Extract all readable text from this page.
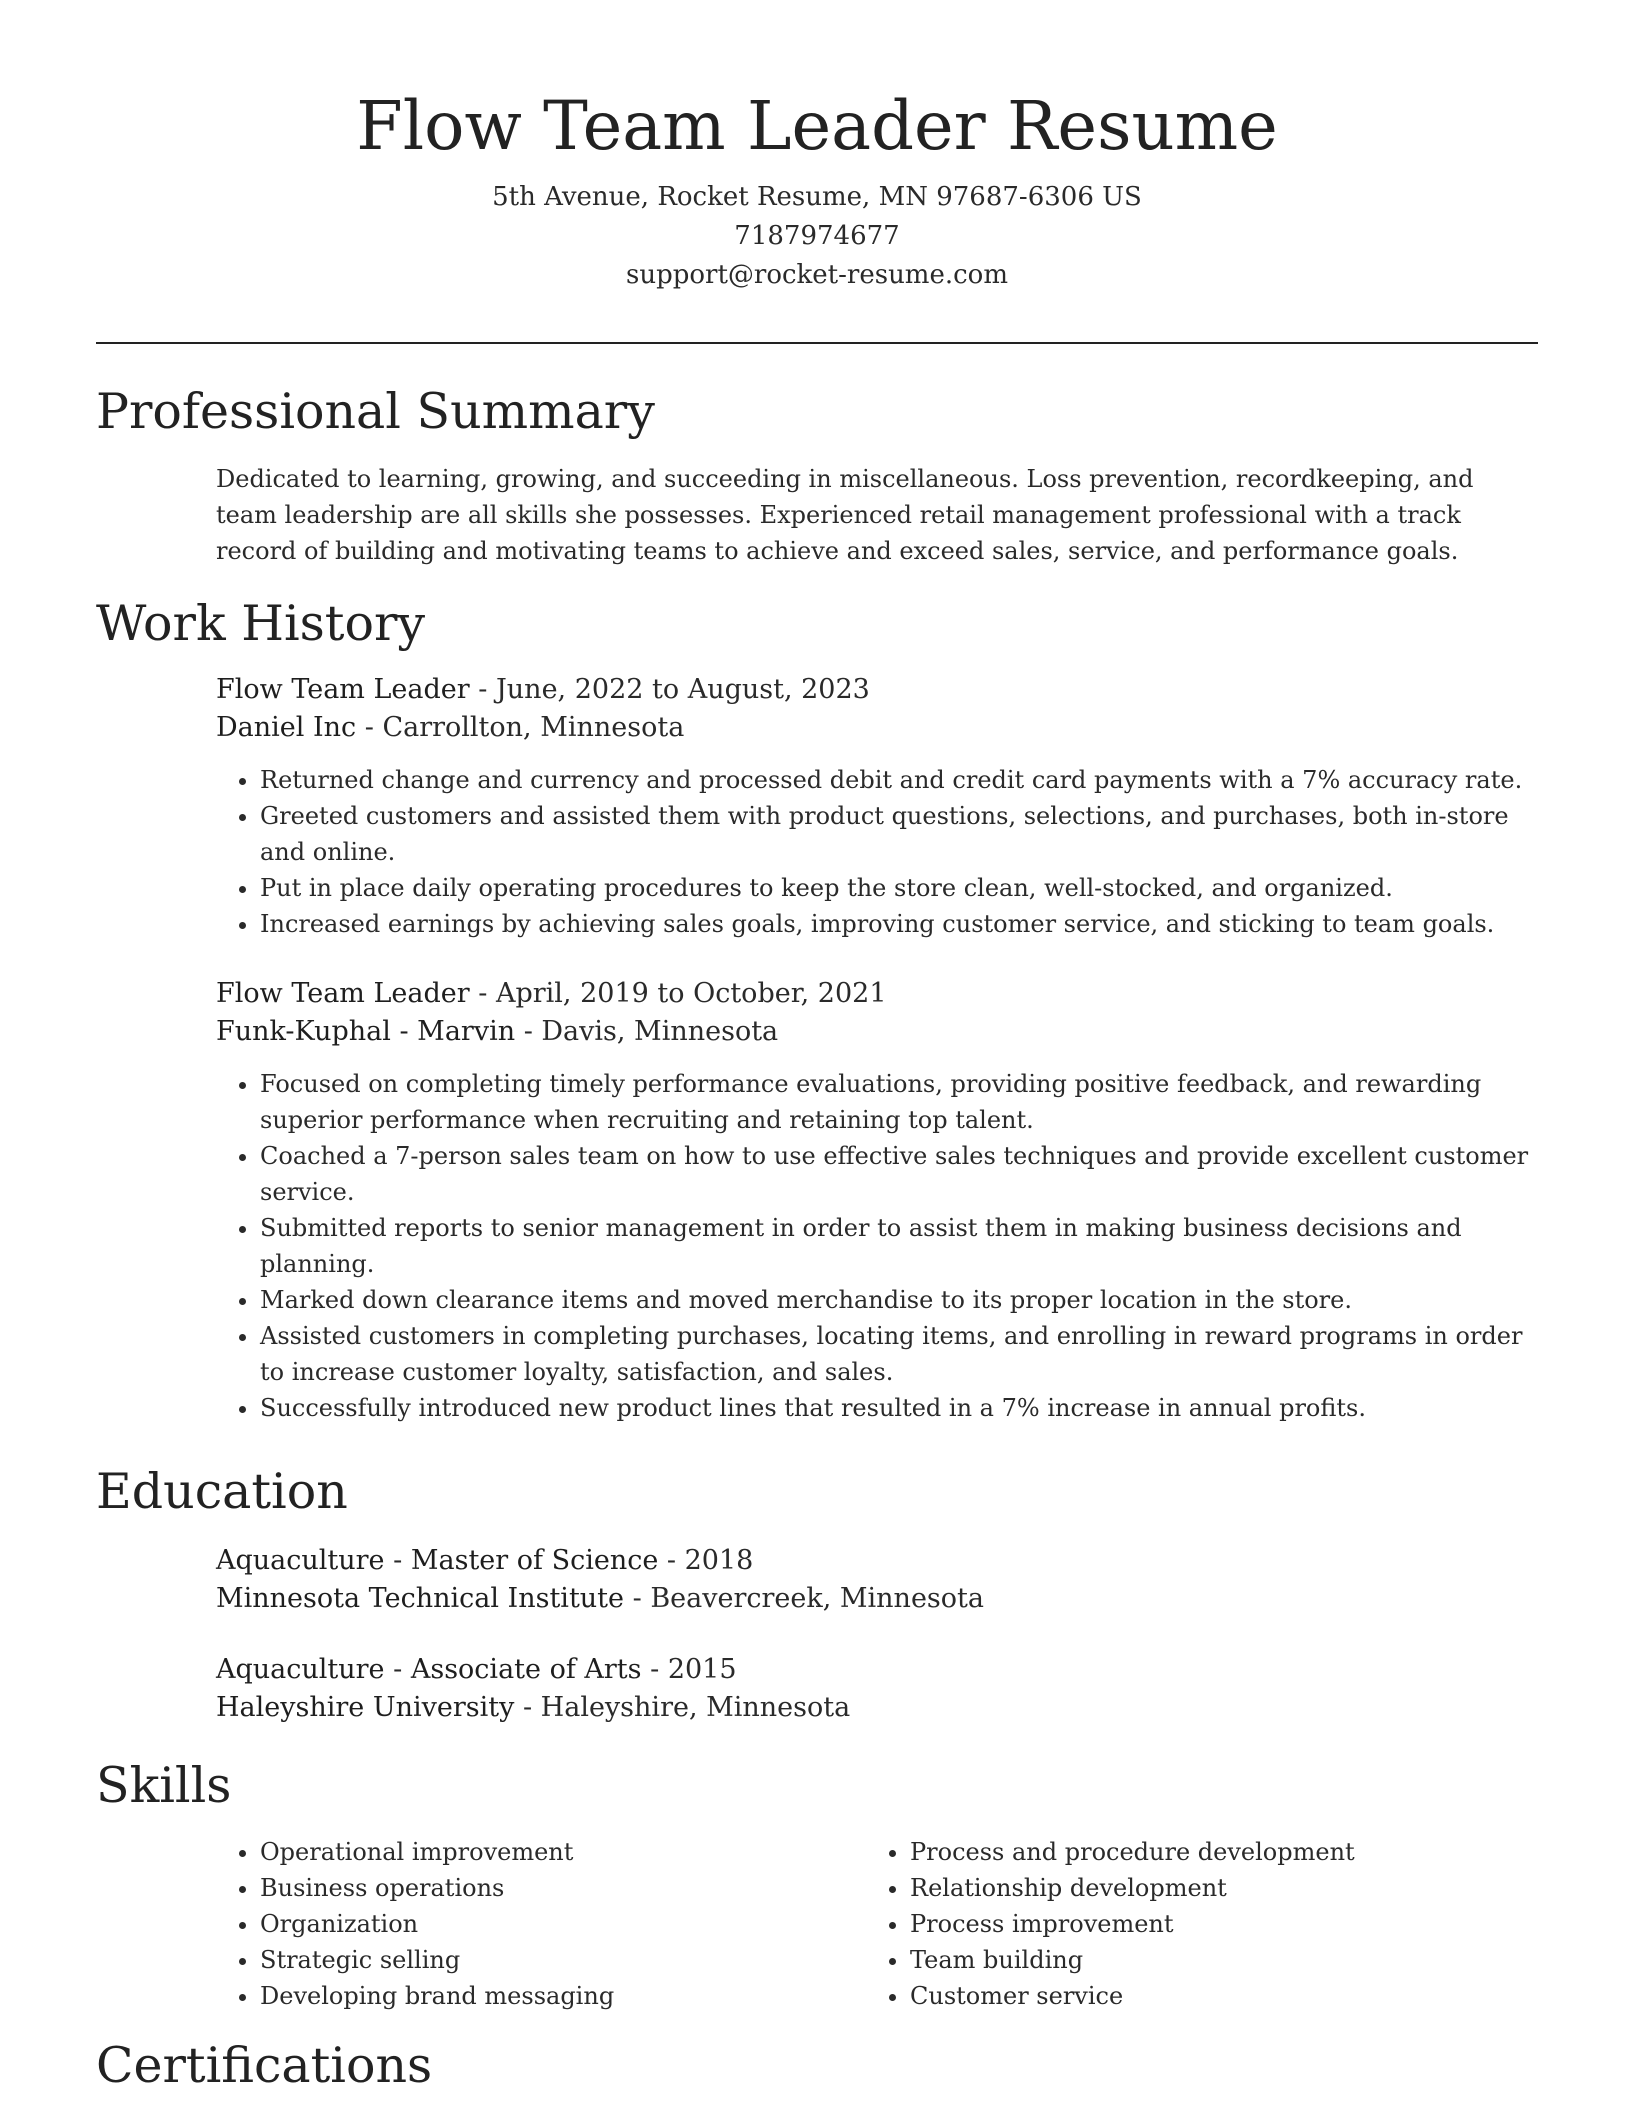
Flow Team Leader Resume
5th Avenue, Rocket Resume, MN 97687-6306 US
7187974677
support@rocket-resume.com
Professional Summary

Dedicated to learning, growing, and succeeding in miscellaneous. Loss prevention, recordkeeping, and team leadership are all skills she possesses. Experienced retail management professional with a track record of building and motivating teams to achieve and exceed sales, service, and performance goals.

Work History
Flow Team Leader - June, 2022 to August, 2023
Daniel Inc - Carrollton, Minnesota
• Returned change and currency and processed debit and credit card payments with a 7% accuracy rate.
• Greeted customers and assisted them with product questions, selections, and purchases, both in-store and online.
• Put in place daily operating procedures to keep the store clean, well-stocked, and organized.
• Increased earnings by achieving sales goals, improving customer service, and sticking to team goals.
Flow Team Leader - April, 2019 to October, 2021
Funk-Kuphal - Marvin - Davis, Minnesota
• Focused on completing timely performance evaluations, providing positive feedback, and rewarding superior performance when recruiting and retaining top talent.
• Coached a 7-person sales team on how to use effective sales techniques and provide excellent customer service.
• Submitted reports to senior management in order to assist them in making business decisions and planning.
• Marked down clearance items and moved merchandise to its proper location in the store.
• Assisted customers in completing purchases, locating items, and enrolling in reward programs in order to increase customer loyalty, satisfaction, and sales.
• Successfully introduced new product lines that resulted in a 7% increase in annual profits.
Education
Aquaculture - Master of Science - 2018
Minnesota Technical Institute - Beavercreek, Minnesota
Aquaculture - Associate of Arts - 2015
Haleyshire University - Haleyshire, Minnesota
Skills
• Operational improvement
• Business operations
• Organization
• Strategic selling
• Developing brand messaging
• Process and procedure development
• Relationship development
• Process improvement
• Team building
• Customer service
Certifications
